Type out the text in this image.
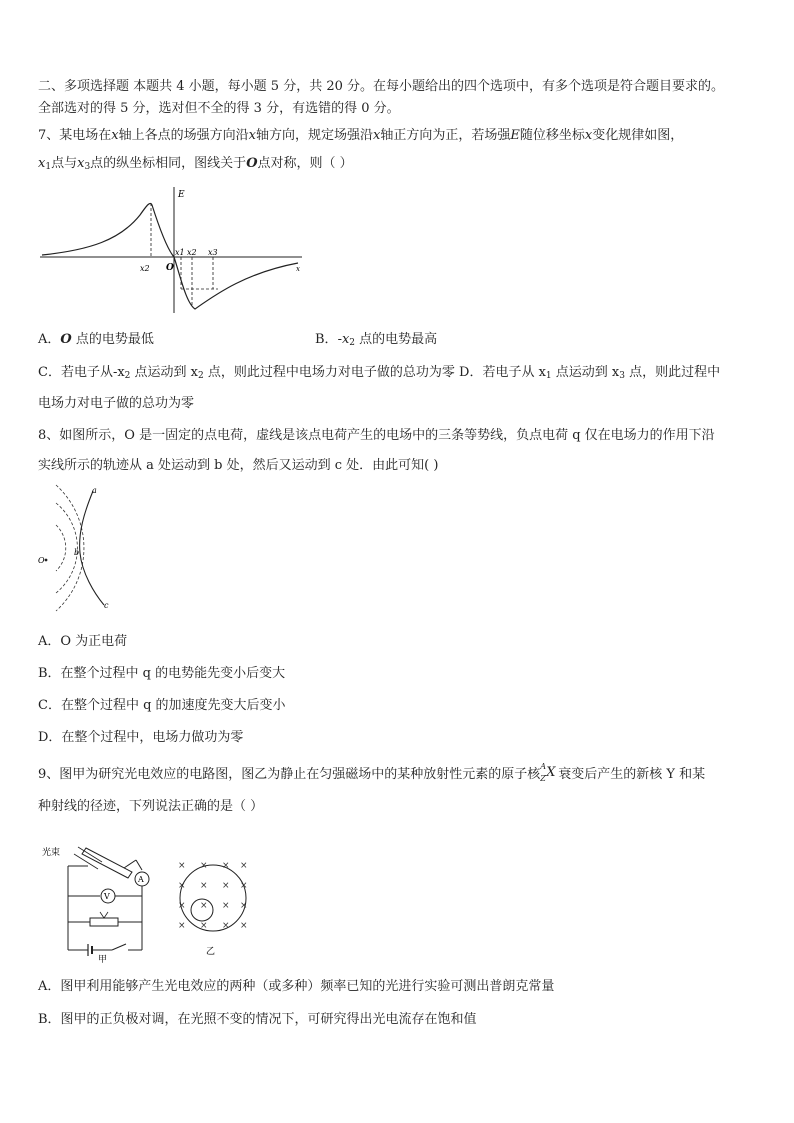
二、多项选择题 本题共 4 小题，每小题 5 分，共 20 分。在每小题给出的四个选项中，有多个选项是符合题目要求的。
全部选对的得 5 分，选对但不全的得 3 分，有选错的得 0 分。
7、某电场在x轴上各点的场强方向沿x轴方向，规定场强沿x轴正方向为正，若场强E随位移坐标x变化规律如图，
$x_1$点与$x_3$点的纵坐标相同，图线关于O点对称，则（ ）
E
x2 O
x1 x2 x3
x
A．O 点的电势最低	B．$-x_2$ 点的电势最高
C．若电子从$-x_2$ 点运动到 $x_2$ 点，则此过程中电场力对电子做的总功为零 D．若电子从 $x_1$ 点运动到 $x_3$ 点，则此过程中
电场力对电子做的总功为零
8、如图所示，O 是一固定的点电荷，虚线是该点电荷产生的电场中的三条等势线，负点电荷 q 仅在电场力的作用下沿
实线所示的轨迹从 a 处运动到 b 处，然后又运动到 c 处．由此可知( )
O
a
b
c
A．O 为正电荷
B．在整个过程中 q 的电势能先变小后变大
C．在整个过程中 q 的加速度先变大后变小
D．在整个过程中，电场力做功为零
9、图甲为研究光电效应的电路图，图乙为静止在匀强磁场中的某种放射性元素的原子核
A
Z X 衰变后产生的新核 Y 和某
种射线的径迹，下列说法正确的是（ ）
光束
A
V
甲
× × × ×
× × × ×
× × × ×
× × × ×
乙
A．图甲利用能够产生光电效应的两种（或多种）频率已知的光进行实验可测出普朗克常量
B．图甲的正负极对调，在光照不变的情况下，可研究得出光电流存在饱和值
